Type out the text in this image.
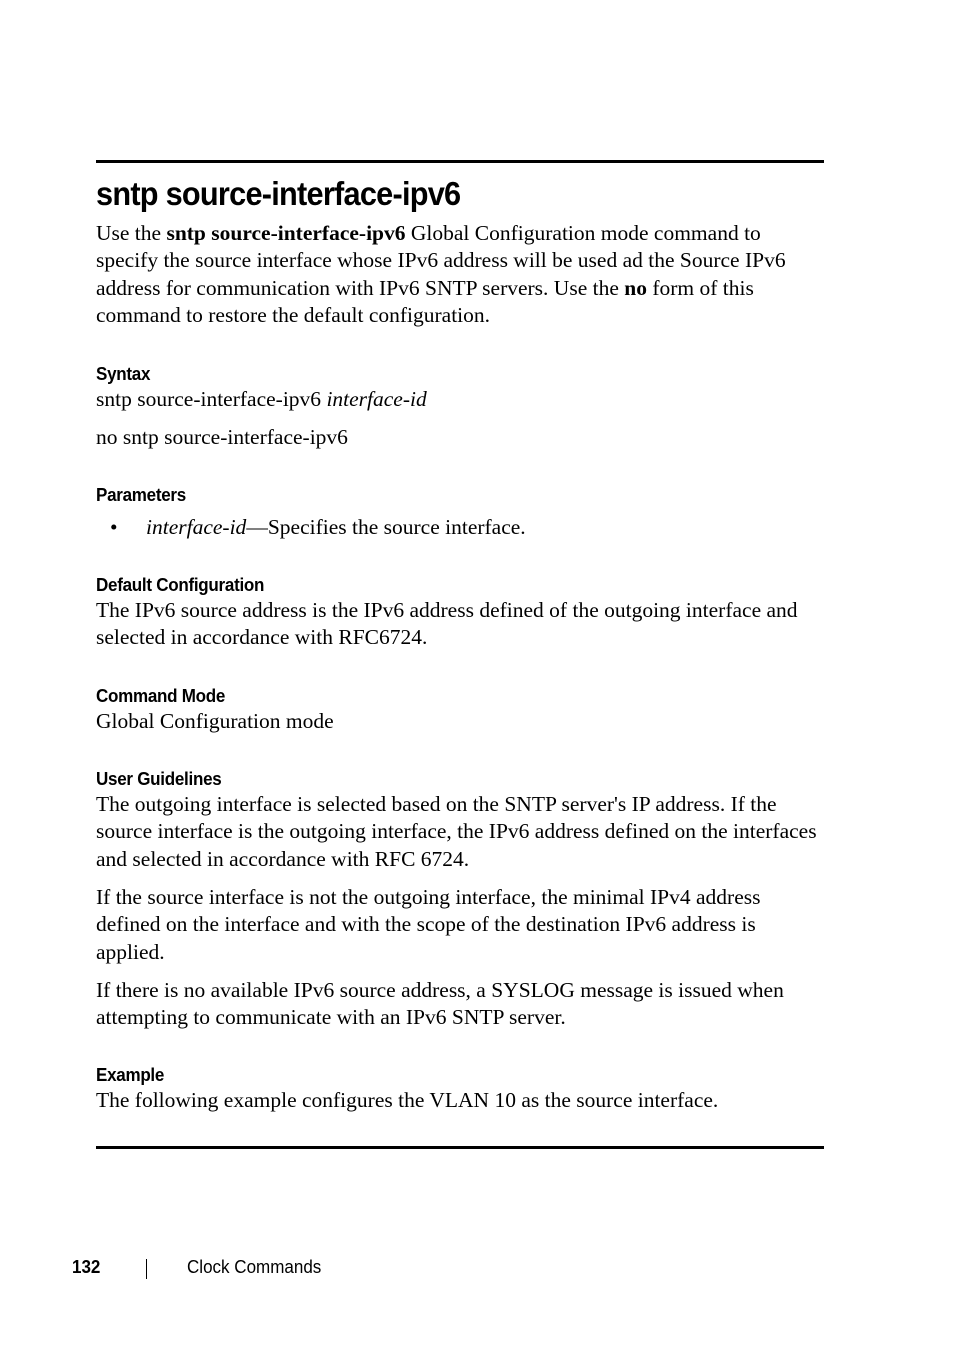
sntp source-interface-ipv6

Use the sntp source-interface-ipv6 Global Configuration mode command to specify the source interface whose IPv6 address will be used ad the Source IPv6 address for communication with IPv6 SNTP servers. Use the no form of this command to restore the default configuration.

Syntax

sntp source-interface-ipv6 interface-id

no sntp source-interface-ipv6

Parameters
•	interface-id—Specifies the source interface.
Default Configuration

The IPv6 source address is the IPv6 address defined of the outgoing interface and selected in accordance with RFC6724.

Command Mode

Global Configuration mode

User Guidelines

The outgoing interface is selected based on the SNTP server's IP address. If the source interface is the outgoing interface, the IPv6 address defined on the interfaces and selected in accordance with RFC 6724.

If the source interface is not the outgoing interface, the minimal IPv4 address defined on the interface and with the scope of the destination IPv6 address is applied.

If there is no available IPv6 source address, a SYSLOG message is issued when attempting to communicate with an IPv6 SNTP server.

Example

The following example configures the VLAN 10 as the source interface.

132	Clock Commands
